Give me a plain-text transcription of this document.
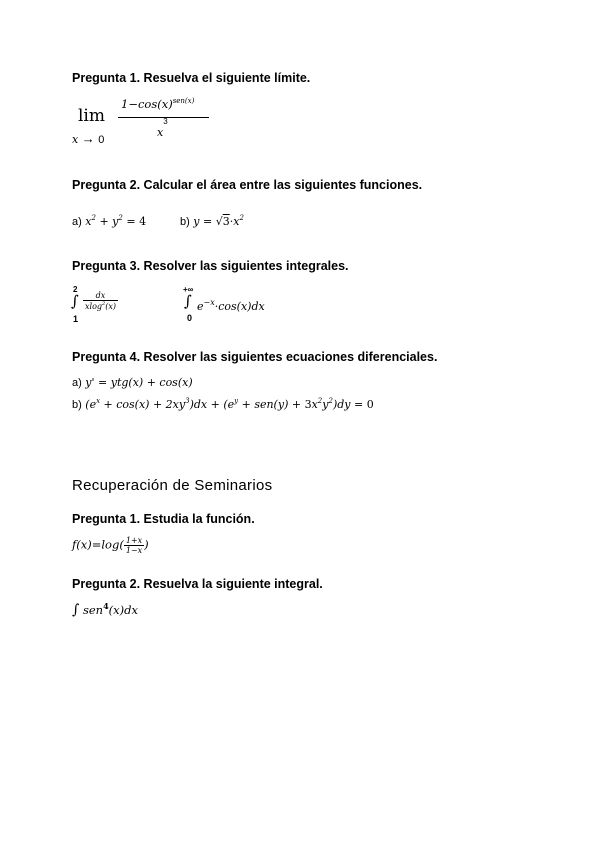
Pregunta 1. Resuelva el siguiente límite.
lim
x → 0
$1-\cos(x)^{sen(x)}$
$x^3$
Pregunta 2. Calcular el área entre las siguientes funciones.
a) $x^2 + y^2 = 4$	b) $y = √3\cdot x^2$
Pregunta 3. Resolver las siguientes integrales.
2
∫
1
$\frac{dx}{xlog^2(x)}$
+∞
∫
0
$e^{-x}\cdot\cos(x)dx$
Pregunta 4. Resolver las siguientes ecuaciones diferenciales.
a) y' = ytg(x) + cos(x)
b) $(e^x + \cos(x) + 2xy^3)dx + (e^y + sen(y) + 3x^2y^2)dy = 0$
Recuperación de Seminarios
Pregunta 1. Estudia la función.
$f(x)=\log( \frac{1+x}{1-x}$ )
Pregunta 2. Resuelva la siguiente integral.
∫ sen$^4$(x)dx
